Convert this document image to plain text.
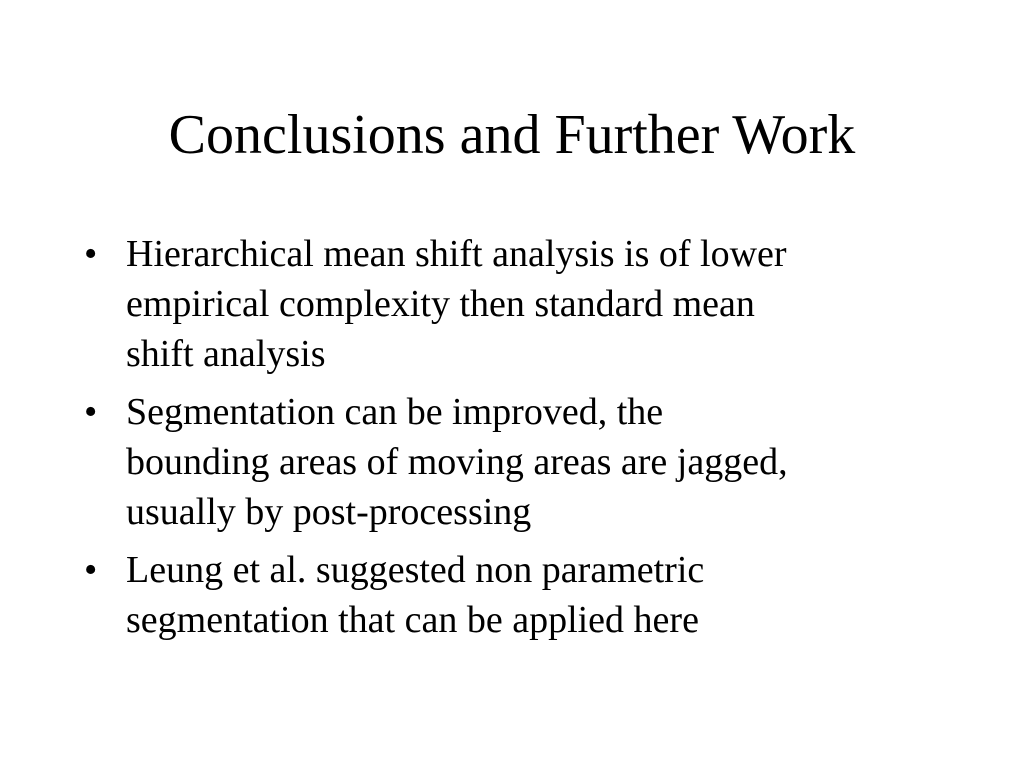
Conclusions and Further Work
• Hierarchical mean shift analysis is of lower
empirical complexity then standard mean
shift analysis
• Segmentation can be improved, the
bounding areas of moving areas are jagged,
usually by post-processing
• Leung et al. suggested non parametric
segmentation that can be applied here
